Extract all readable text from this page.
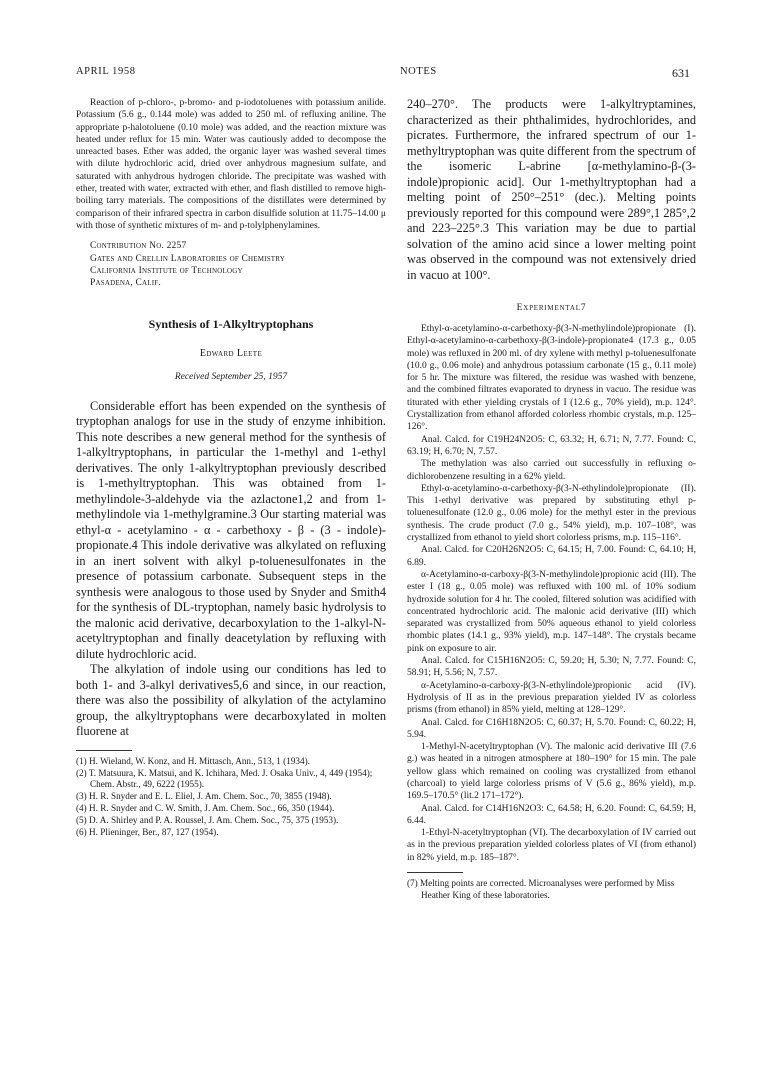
APRIL 1958	NOTES	631

Reaction of p-chloro-, p-bromo- and p-iodotoluenes with potassium anilide. Potassium (5.6 g., 0.144 mole) was added to 250 ml. of refluxing aniline. The appropriate p-halotoluene (0.10 mole) was added, and the reaction mixture was heated under reflux for 15 min. Water was cautiously added to decompose the unreacted bases. Ether was added, the organic layer was washed several times with dilute hydrochloric acid, dried over anhydrous magnesium sulfate, and saturated with anhydrous hydrogen chloride. The precipitate was washed with ether, treated with water, extracted with ether, and flash distilled to remove high-boiling tarry materials. The compositions of the distillates were determined by comparison of their infrared spectra in carbon disulfide solution at 11.75–14.00 μ with those of synthetic mixtures of m- and p-tolylphenylamines.

Contribution No. 2257
Gates and Crellin Laboratories of Chemistry
California Institute of Technology
Pasadena, Calif.
Synthesis of 1-Alkyltryptophans
Edward Leete
Received September 25, 1957

Considerable effort has been expended on the synthesis of tryptophan analogs for use in the study of enzyme inhibition. This note describes a new general method for the synthesis of 1-alkyltryptophans, in particular the 1-methyl and 1-ethyl derivatives. The only 1-alkyltryptophan previously described is 1-methyltryptophan. This was obtained from 1-methylindole-3-aldehyde via the azlactone1,2 and from 1-methylindole via 1-methylgramine.3 Our starting material was ethyl-α - acetylamino - α - carbethoxy - β - (3 - indole)-propionate.4 This indole derivative was alkylated on refluxing in an inert solvent with alkyl p-toluenesulfonates in the presence of potassium carbonate. Subsequent steps in the synthesis were analogous to those used by Snyder and Smith4 for the synthesis of DL-tryptophan, namely basic hydrolysis to the malonic acid derivative, decarboxylation to the 1-alkyl-N-acetyltryptophan and finally deacetylation by refluxing with dilute hydrochloric acid.

The alkylation of indole using our conditions has led to both 1- and 3-alkyl derivatives5,6 and since, in our reaction, there was also the possibility of alkylation of the actylamino group, the alkyltryptophans were decarboxylated in molten fluorene at

(1) H. Wieland, W. Konz, and H. Mittasch, Ann., 513, 1 (1934).

(2) T. Matsuura, K. Matsui, and K. Ichihara, Med. J. Osaka Univ., 4, 449 (1954); Chem. Abstr., 49, 6222 (1955).

(3) H. R. Snyder and E. L. Eliel, J. Am. Chem. Soc., 70, 3855 (1948).

(4) H. R. Snyder and C. W. Smith, J. Am. Chem. Soc., 66, 350 (1944).

(5) D. A. Shirley and P. A. Roussel, J. Am. Chem. Soc., 75, 375 (1953).

(6) H. Plieninger, Ber., 87, 127 (1954).

240–270°. The products were 1-alkyltryptamines, characterized as their phthalimides, hydrochlorides, and picrates. Furthermore, the infrared spectrum of our 1-methyltryptophan was quite different from the spectrum of the isomeric L-abrine [α-methylamino-β-(3-indole)propionic acid]. Our 1-methyltryptophan had a melting point of 250°–251° (dec.). Melting points previously reported for this compound were 289°,1 285°,2 and 223–225°.3 This variation may be due to partial solvation of the amino acid since a lower melting point was observed in the compound was not extensively dried in vacuo at 100°.

Experimental7

Ethyl-α-acetylamino-α-carbethoxy-β(3-N-methylindole)propionate (I). Ethyl-α-acetylamino-α-carbethoxy-β(3-indole)-propionate4 (17.3 g., 0.05 mole) was refluxed in 200 ml. of dry xylene with methyl p-toluenesulfonate (10.0 g., 0.06 mole) and anhydrous potassium carbonate (15 g., 0.11 mole) for 5 hr. The mixture was filtered, the residue was washed with benzene, and the combined filtrates evaporated to dryness in vacuo. The residue was titurated with ether yielding crystals of I (12.6 g., 70% yield), m.p. 124°. Crystallization from ethanol afforded colorless rhombic crystals, m.p. 125–126°.

Anal. Calcd. for C19H24N2O5: C, 63.32; H, 6.71; N, 7.77. Found: C, 63.19; H, 6.70; N, 7.57.

The methylation was also carried out successfully in refluxing o-dichlorobenzene resulting in a 62% yield.

Ethyl-α-acetylamino-α-carbethoxy-β(3-N-ethylindole)propionate (II). This 1-ethyl derivative was prepared by substituting ethyl p-toluenesulfonate (12.0 g., 0.06 mole) for the methyl ester in the previous synthesis. The crude product (7.0 g., 54% yield), m.p. 107–108°, was crystallized from ethanol to yield short colorless prisms, m.p. 115–116°.

Anal. Calcd. for C20H26N2O5: C, 64.15; H, 7.00. Found: C, 64.10; H, 6.89.

α-Acetylamino-α-carboxy-β(3-N-methylindole)propionic acid (III). The ester I (18 g., 0.05 mole) was refluxed with 100 ml. of 10% sodium hydroxide solution for 4 hr. The cooled, filtered solution was acidified with concentrated hydrochloric acid. The malonic acid derivative (III) which separated was crystallized from 50% aqueous ethanol to yield colorless rhombic plates (14.1 g., 93% yield), m.p. 147–148°. The crystals became pink on exposure to air.

Anal. Calcd. for C15H16N2O5: C, 59.20; H, 5.30; N, 7.77. Found: C, 58.91; H, 5.56; N, 7.57.

α-Acetylamino-α-carboxy-β(3-N-ethylindole)propionic acid (IV). Hydrolysis of II as in the previous preparation yielded IV as colorless prisms (from ethanol) in 85% yield, melting at 128–129°.

Anal. Calcd. for C16H18N2O5: C, 60.37; H, 5.70. Found: C, 60.22; H, 5.94.

1-Methyl-N-acetyltryptophan (V). The malonic acid derivative III (7.6 g.) was heated in a nitrogen atmosphere at 180–190° for 15 min. The pale yellow glass which remained on cooling was crystallized from ethanol (charcoal) to yield large colorless prisms of V (5.6 g., 86% yield), m.p. 169.5–170.5° (lit.2 171–172°).

Anal. Calcd. for C14H16N2O3: C, 64.58; H, 6.20. Found: C, 64.59; H, 6.44.

1-Ethyl-N-acetyltryptophan (VI). The decarboxylation of IV carried out as in the previous preparation yielded colorless plates of VI (from ethanol) in 82% yield, m.p. 185–187°.

(7) Melting points are corrected. Microanalyses were performed by Miss Heather King of these laboratories.
